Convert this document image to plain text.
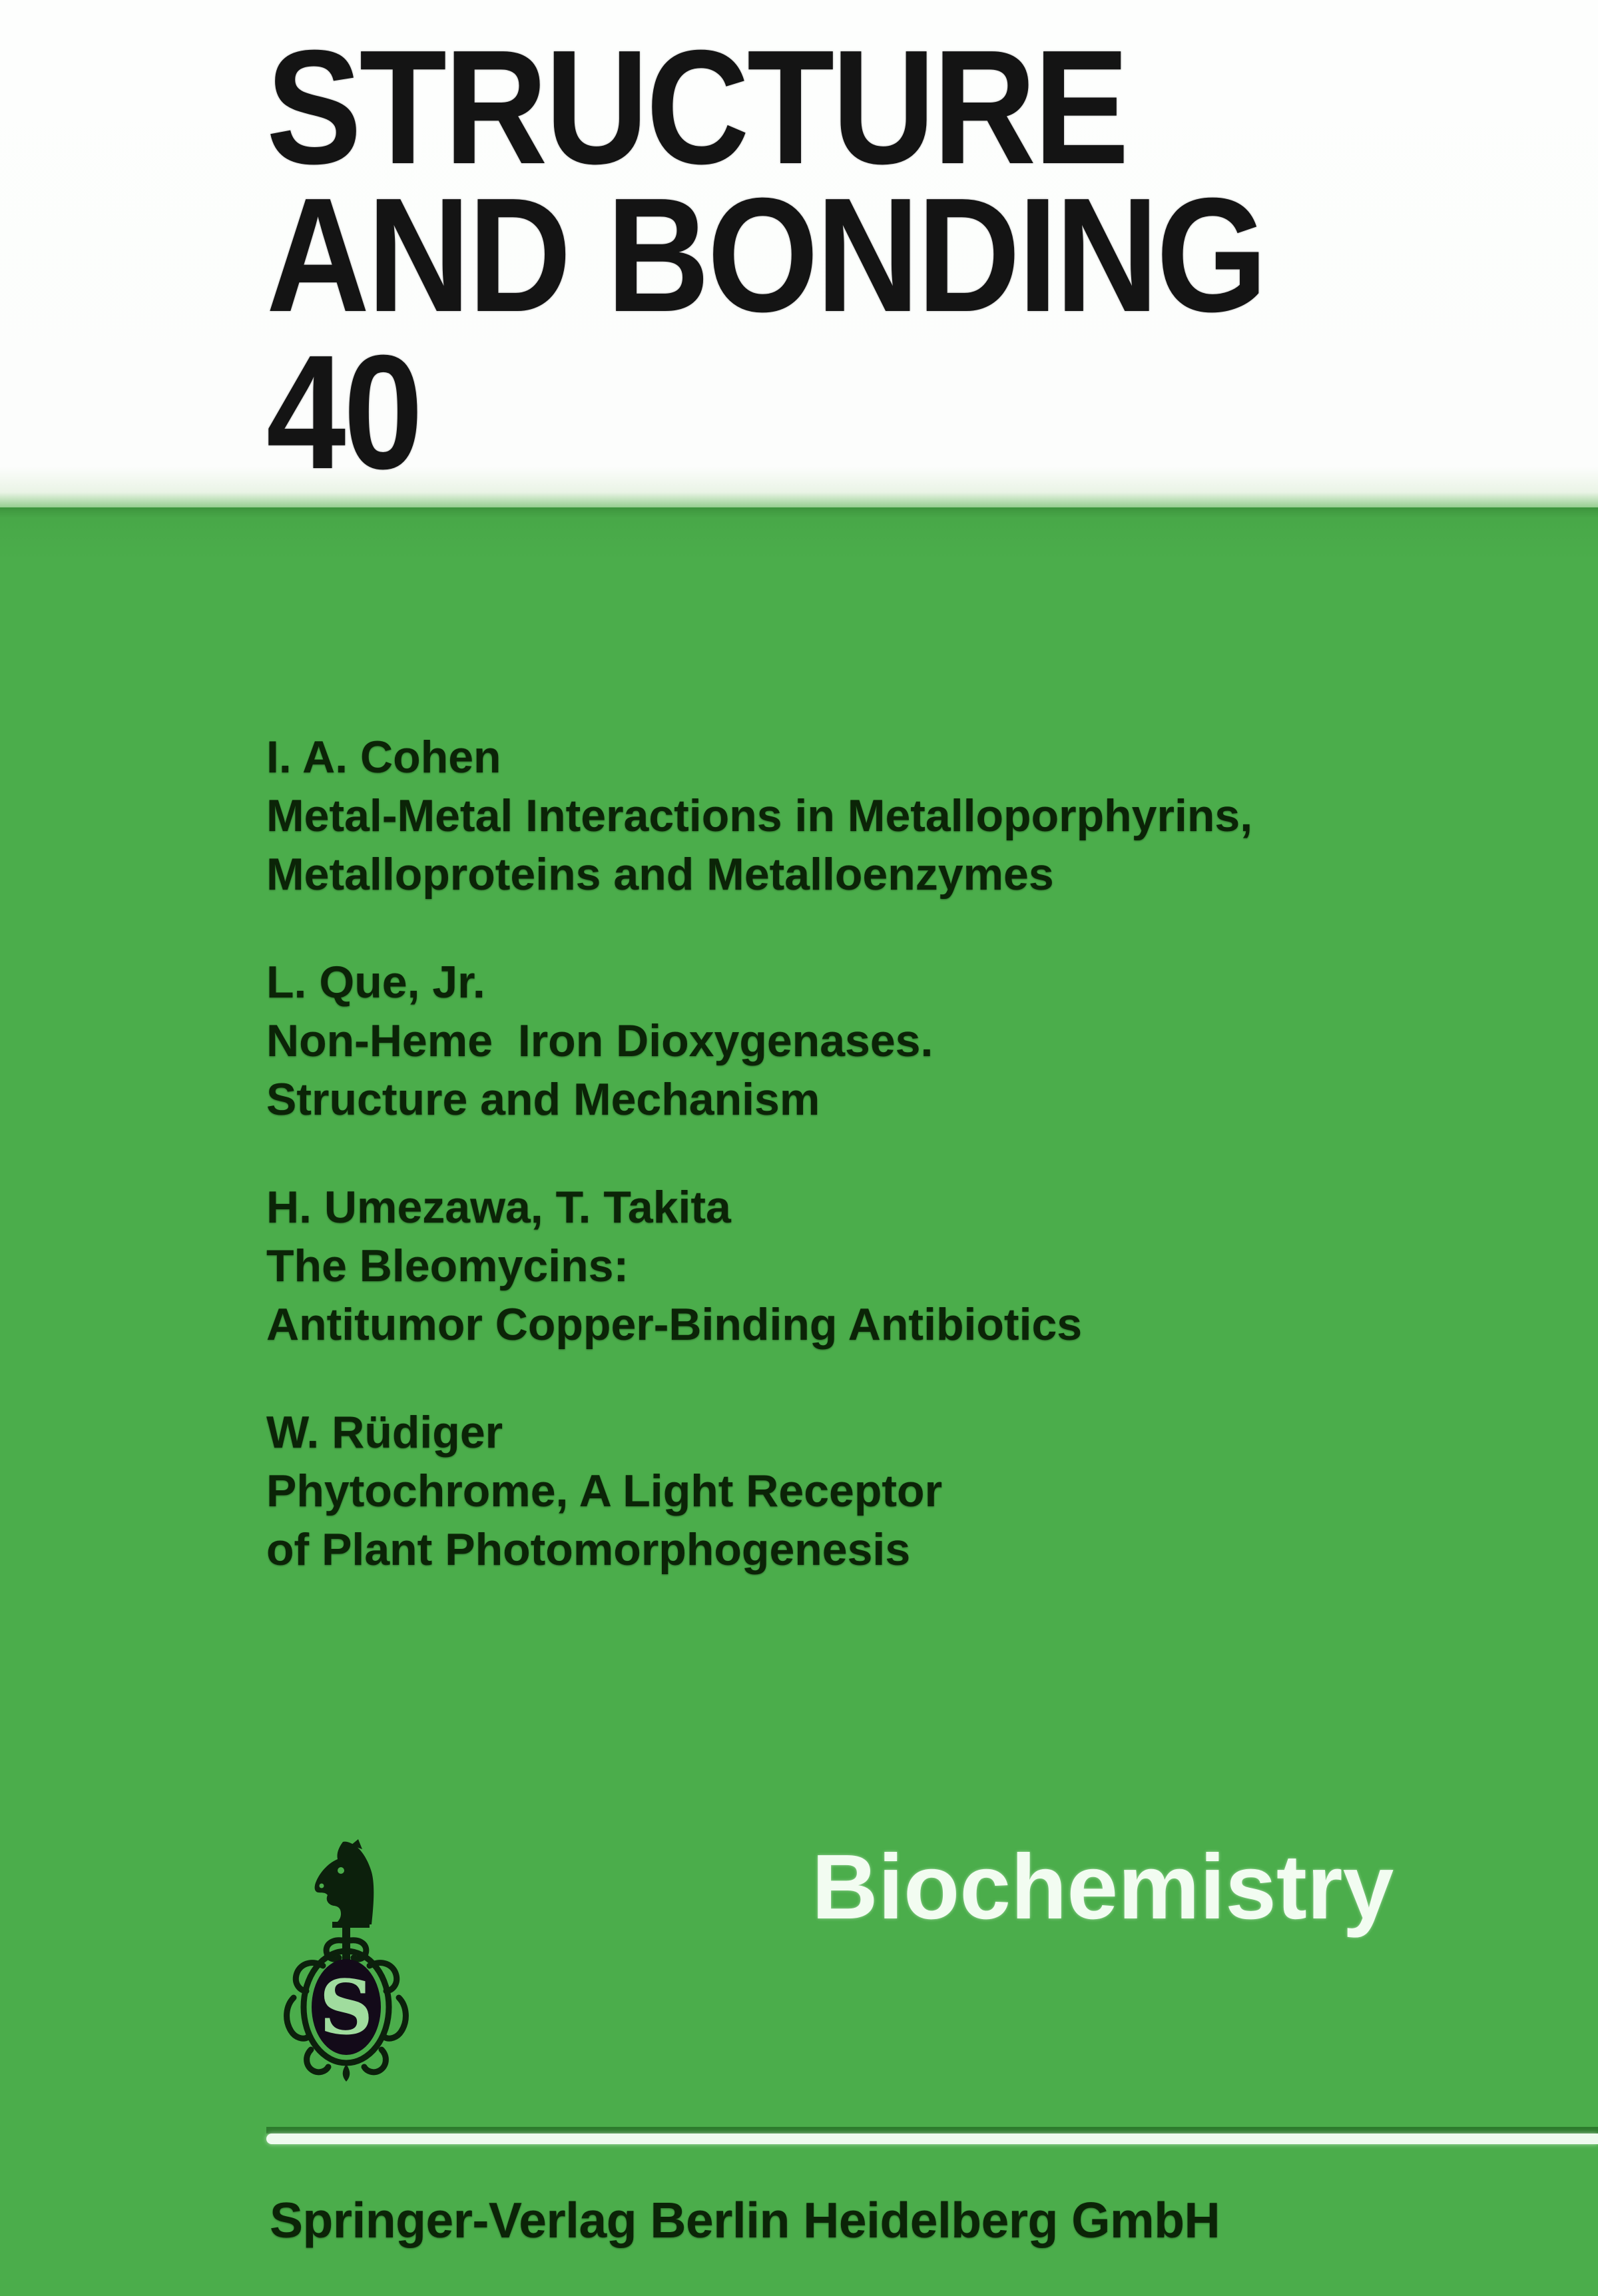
STRUCTURE
AND BONDING
40
I. A. Cohen
Metal-Metal Interactions in Metalloporphyrins,
Metalloproteins and Metalloenzymes
L. Que, Jr.
Non-Heme  Iron Dioxygenases.
Structure and Mechanism
H. Umezawa, T. Takita
The Bleomycins:
Antitumor Copper-Binding Antibiotics
W. Rüdiger
Phytochrome, A Light Receptor
of Plant Photomorphogenesis
S
Biochemistry
Springer-Verlag Berlin Heidelberg GmbH
